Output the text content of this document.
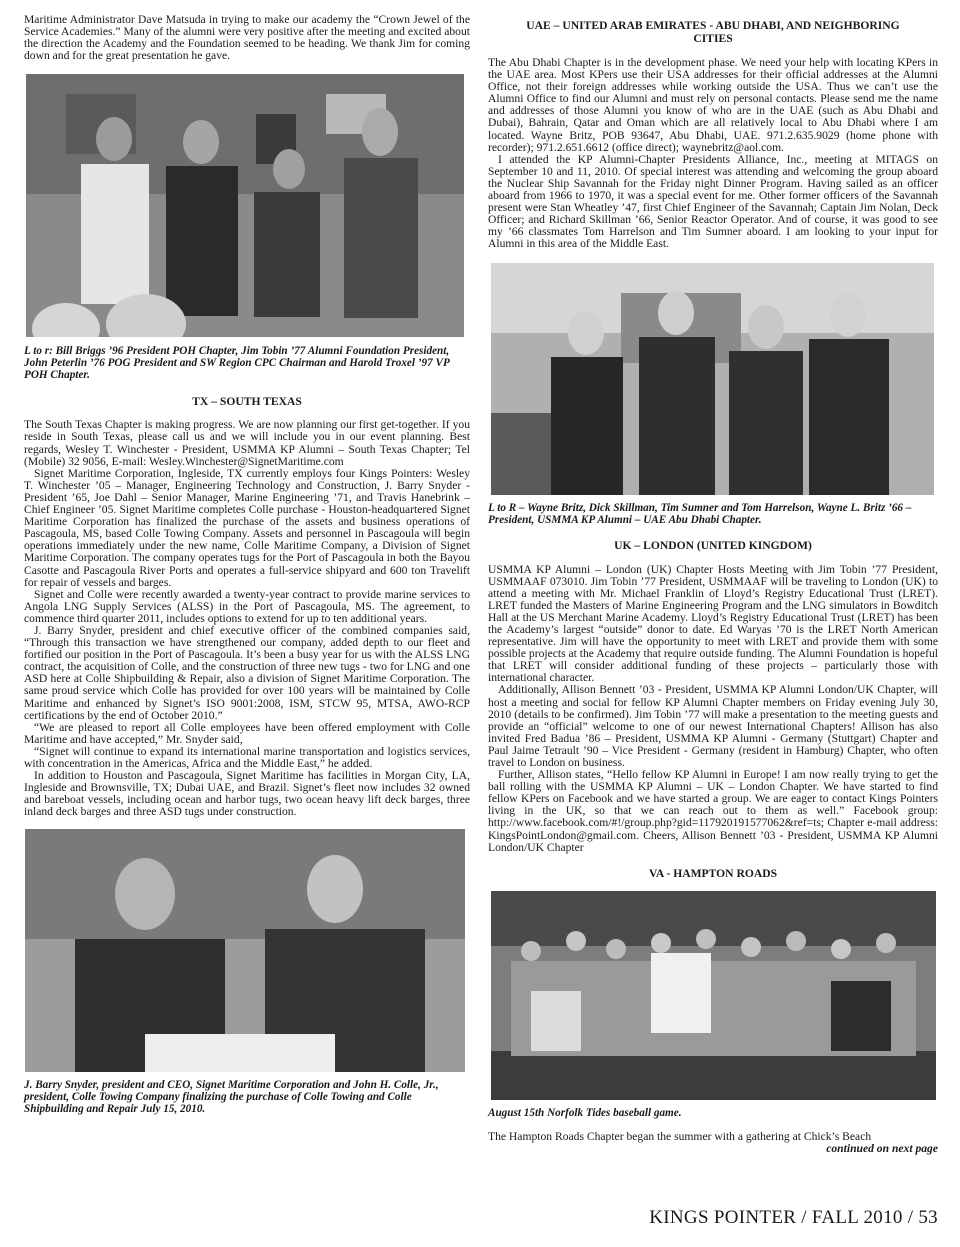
Maritime Administrator Dave Matsuda in trying to make our academy the “Crown Jewel of the Service Academies.” Many of the alumni were very positive after the meeting and excited about the direction the Academy and the Foundation seemed to be heading. We thank Jim for coming down and for the great presentation he gave.

L to r: Bill Briggs ’96 President POH Chapter, Jim Tobin ’77 Alumni Foundation President, John Peterlin ’76 POG President and SW Region CPC Chairman and Harold Troxel ’97 VP POH Chapter.

TX – SOUTH TEXAS

The South Texas Chapter is making progress. We are now planning our first get-together. If you reside in South Texas, please call us and we will include you in our event planning. Best regards, Wesley T. Winchester - President, USMMA KP Alumni – South Texas Chapter; Tel (Mobile) 32 9056, E-mail: Wesley.Winchester@SignetMaritime.com

Signet Maritime Corporation, Ingleside, TX currently employs four Kings Pointers: Wesley T. Winchester ’05 – Manager, Engineering Technology and Construction, J. Barry Snyder - President ’65, Joe Dahl – Senior Manager, Marine Engineering ’71, and Travis Hanebrink – Chief Engineer ’05. Signet Maritime completes Colle purchase - Houston-headquartered Signet Maritime Corporation has finalized the purchase of the assets and business operations of Pascagoula, MS, based Colle Towing Company. Assets and personnel in Pascagoula will begin operations immediately under the new name, Colle Maritime Company, a Division of Signet Maritime Corporation. The company operates tugs for the Port of Pascagoula in both the Bayou Casotte and Pascagoula River Ports and operates a full-service shipyard and 600 ton Travelift for repair of vessels and barges.

Signet and Colle were recently awarded a twenty-year contract to provide marine services to Angola LNG Supply Services (ALSS) in the Port of Pascagoula, MS. The agreement, to commence third quarter 2011, includes options to extend for up to ten additional years.

J. Barry Snyder, president and chief executive officer of the combined companies said, “Through this transaction we have strengthened our company, added depth to our fleet and fortified our position in the Port of Pascagoula. It’s been a busy year for us with the ALSS LNG contract, the acquisition of Colle, and the construction of three new tugs - two for LNG and one ASD here at Colle Shipbuilding & Repair, also a division of Signet Maritime Corporation. The same proud service which Colle has provided for over 100 years will be maintained by Colle Maritime and enhanced by Signet’s ISO 9001:2008, ISM, STCW 95, MTSA, AWO-RCP certifications by the end of October 2010.”

“We are pleased to report all Colle employees have been offered employment with Colle Maritime and have accepted,” Mr. Snyder said,

“Signet will continue to expand its international marine transportation and logistics services, with concentration in the Americas, Africa and the Middle East,” he added.

In addition to Houston and Pascagoula, Signet Maritime has facilities in Morgan City, LA, Ingleside and Brownsville, TX; Dubai UAE, and Brazil. Signet’s fleet now includes 32 owned and bareboat vessels, including ocean and harbor tugs, two ocean heavy lift deck barges, three inland deck barges and three ASD tugs under construction.

J. Barry Snyder, president and CEO, Signet Maritime Corporation and John H. Colle, Jr., president, Colle Towing Company finalizing the purchase of Colle Towing and Colle Shipbuilding and Repair July 15, 2010.

UAE – UNITED ARAB EMIRATES - ABU DHABI, AND NEIGHBORING CITIES

The Abu Dhabi Chapter is in the development phase. We need your help with locating KPers in the UAE area. Most KPers use their USA addresses for their official addresses at the Alumni Office, not their foreign addresses while working outside the USA. Thus we can’t use the Alumni Office to find our Alumni and must rely on personal contacts. Please send me the name and addresses of those Alumni you know of who are in the UAE (such as Abu Dhabi and Dubai), Bahrain, Qatar and Oman which are all relatively local to Abu Dhabi where I am located. Wayne Britz, POB 93647, Abu Dhabi, UAE. 971.2.635.9029 (home phone with recorder); 971.2.651.6612 (office direct); waynebritz@aol.com.

I attended the KP Alumni-Chapter Presidents Alliance, Inc., meeting at MITAGS on September 10 and 11, 2010. Of special interest was attending and welcoming the group aboard the Nuclear Ship Savannah for the Friday night Dinner Program. Having sailed as an officer aboard from 1966 to 1970, it was a special event for me. Other former officers of the Savannah present were Stan Wheatley ’47, first Chief Engineer of the Savannah; Captain Jim Nolan, Deck Officer; and Richard Skillman ’66, Senior Reactor Operator. And of course, it was good to see my ’66 classmates Tom Harrelson and Tim Sumner aboard. I am looking to your input for Alumni in this area of the Middle East.

L to R – Wayne Britz, Dick Skillman, Tim Sumner and Tom Harrelson, Wayne L. Britz ’66 – President, USMMA KP Alumni – UAE Abu Dhabi Chapter.

UK – LONDON (UNITED KINGDOM)

USMMA KP Alumni – London (UK) Chapter Hosts Meeting with Jim Tobin ’77 President, USMMAAF 073010. Jim Tobin ’77 President, USMMAAF will be traveling to London (UK) to attend a meeting with Mr. Michael Franklin of Lloyd’s Registry Educational Trust (LRET). LRET funded the Masters of Marine Engineering Program and the LNG simulators in Bowditch Hall at the US Merchant Marine Academy. Lloyd’s Registry Educational Trust (LRET) has been the Academy’s largest “outside” donor to date. Ed Waryas ’70 is the LRET North American representative. Jim will have the opportunity to meet with LRET and provide them with some possible projects at the Academy that require outside funding. The Alumni Foundation is hopeful that LRET will consider additional funding of these projects – particularly those with international character.

Additionally, Allison Bennett ’03 - President, USMMA KP Alumni London/UK Chapter, will host a meeting and social for fellow KP Alumni Chapter members on Friday evening July 30, 2010 (details to be confirmed). Jim Tobin ’77 will make a presentation to the meeting guests and provide an “official” welcome to one of our newest International Chapters! Allison has also invited Fred Badua ’86 – President, USMMA KP Alumni - Germany (Stuttgart) Chapter and Paul Jaime Tetrault ’90 – Vice President - Germany (resident in Hamburg) Chapter, who often travel to London on business.

Further, Allison states, “Hello fellow KP Alumni in Europe! I am now really trying to get the ball rolling with the USMMA KP Alumni – UK – London Chapter. We have started to find fellow KPers on Facebook and we have started a group. We are eager to contact Kings Pointers living in the UK, so that we can reach out to them as well.” Facebook group: http://www.facebook.com/#!/group.php?gid=117920191577062&ref=ts; Chapter e-mail address: KingsPointLondon@gmail.com. Cheers, Allison Bennett ’03 - President, USMMA KP Alumni London/UK Chapter

VA - HAMPTON ROADS

August 15th Norfolk Tides baseball game.

The Hampton Roads Chapter began the summer with a gathering at Chick’s Beach

continued on next page
KINGS POINTER / FALL 2010 / 53
